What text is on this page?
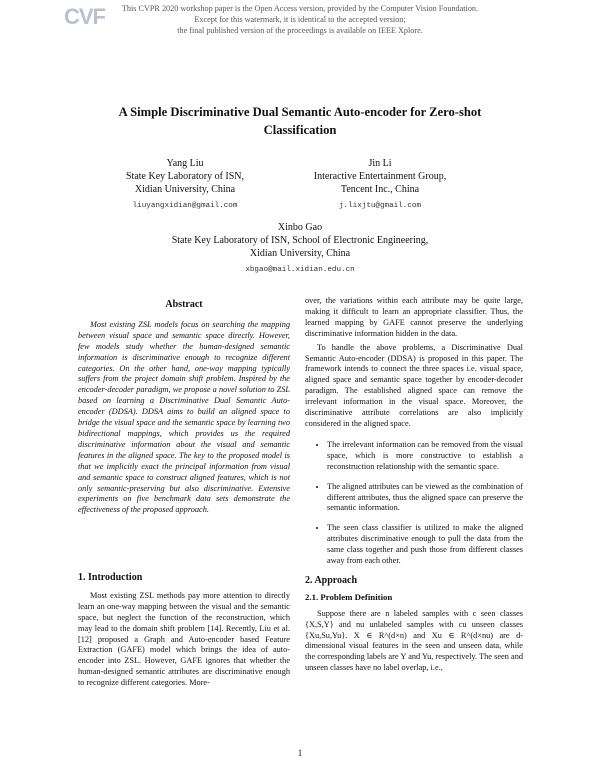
CVF	This CVPR 2020 workshop paper is the Open Access version, provided by the Computer Vision Foundation.
Except for this watermark, it is identical to the accepted version;
the final published version of the proceedings is available on IEEE Xplore.
A Simple Discriminative Dual Semantic Auto-encoder for Zero-shot
Classification
Yang Liu
State Key Laboratory of ISN,
Xidian University, China
liuyangxidian@gmail.com
Jin Li
Interactive Entertainment Group,
Tencent Inc., China
j.lixjtu@gmail.com
Xinbo Gao
State Key Laboratory of ISN, School of Electronic Engineering,
Xidian University, China
xbgao@mail.xidian.edu.cn
Abstract

Most existing ZSL models focus on searching the mapping between visual space and semantic space directly. However, few models study whether the human-designed semantic information is discriminative enough to recognize different categories. On the other hand, one-way mapping typically suffers from the project domain shift problem. Inspired by the encoder-decoder paradigm, we propose a novel solution to ZSL based on learning a Discriminative Dual Semantic Auto-encoder (DDSA). DDSA aims to build an aligned space to bridge the visual space and the semantic space by learning two bidirectional mappings, which provides us the required discriminative information about the visual and semantic features in the aligned space. The key to the proposed model is that we implicitly exact the principal information from visual and semantic space to construct aligned features, which is not only semantic-preserving but also discriminative. Extensive experiments on five benchmark data sets demonstrate the effectiveness of the proposed approach.

1. Introduction

Most existing ZSL methods pay more attention to directly learn an one-way mapping between the visual and the semantic space, but neglect the function of the reconstruction, which may lead to the domain shift problem [14]. Recently, Liu et al. [12] proposed a Graph and Auto-encoder based Feature Extraction (GAFE) model which brings the idea of auto-encoder into ZSL. However, GAFE ignores that whether the human-designed semantic attributes are discriminative enough to recognize different categories. More-

over, the variations within each attribute may be quite large, making it difficult to learn an appropriate classifier. Thus, the learned mapping by GAFE cannot preserve the underlying discriminative information hidden in the data.

To handle the above problems, a Discriminative Dual Semantic Auto-encoder (DDSA) is proposed in this paper. The framework intends to connect the three spaces i.e. visual space, aligned space and semantic space together by encoder-decoder paradigm. The established aligned space can remove the irrelevant information in the visual space. Moreover, the discriminative attribute correlations are also implicitly considered in the aligned space.

• The irrelevant information can be removed from the visual space, which is more constructive to establish a reconstruction relationship with the semantic space.
• The aligned attributes can be viewed as the combination of different attributes, thus the aligned space can preserve the semantic information.
• The seen class classifier is utilized to make the aligned attributes discriminative enough to pull the data from the same class together and push those from different classes away from each other.
2. Approach
2.1. Problem Definition

Suppose there are n labeled samples with c seen classes {X,S,Y} and nu unlabeled samples with cu unseen classes {Xu,Su,Yu}. X ∈ R^(d×n) and Xu ∈ R^(d×nu) are d-dimensional visual features in the seen and unseen data, while the corresponding labels are Y and Yu, respectively. The seen and unseen classes have no label overlap, i.e.,

1
